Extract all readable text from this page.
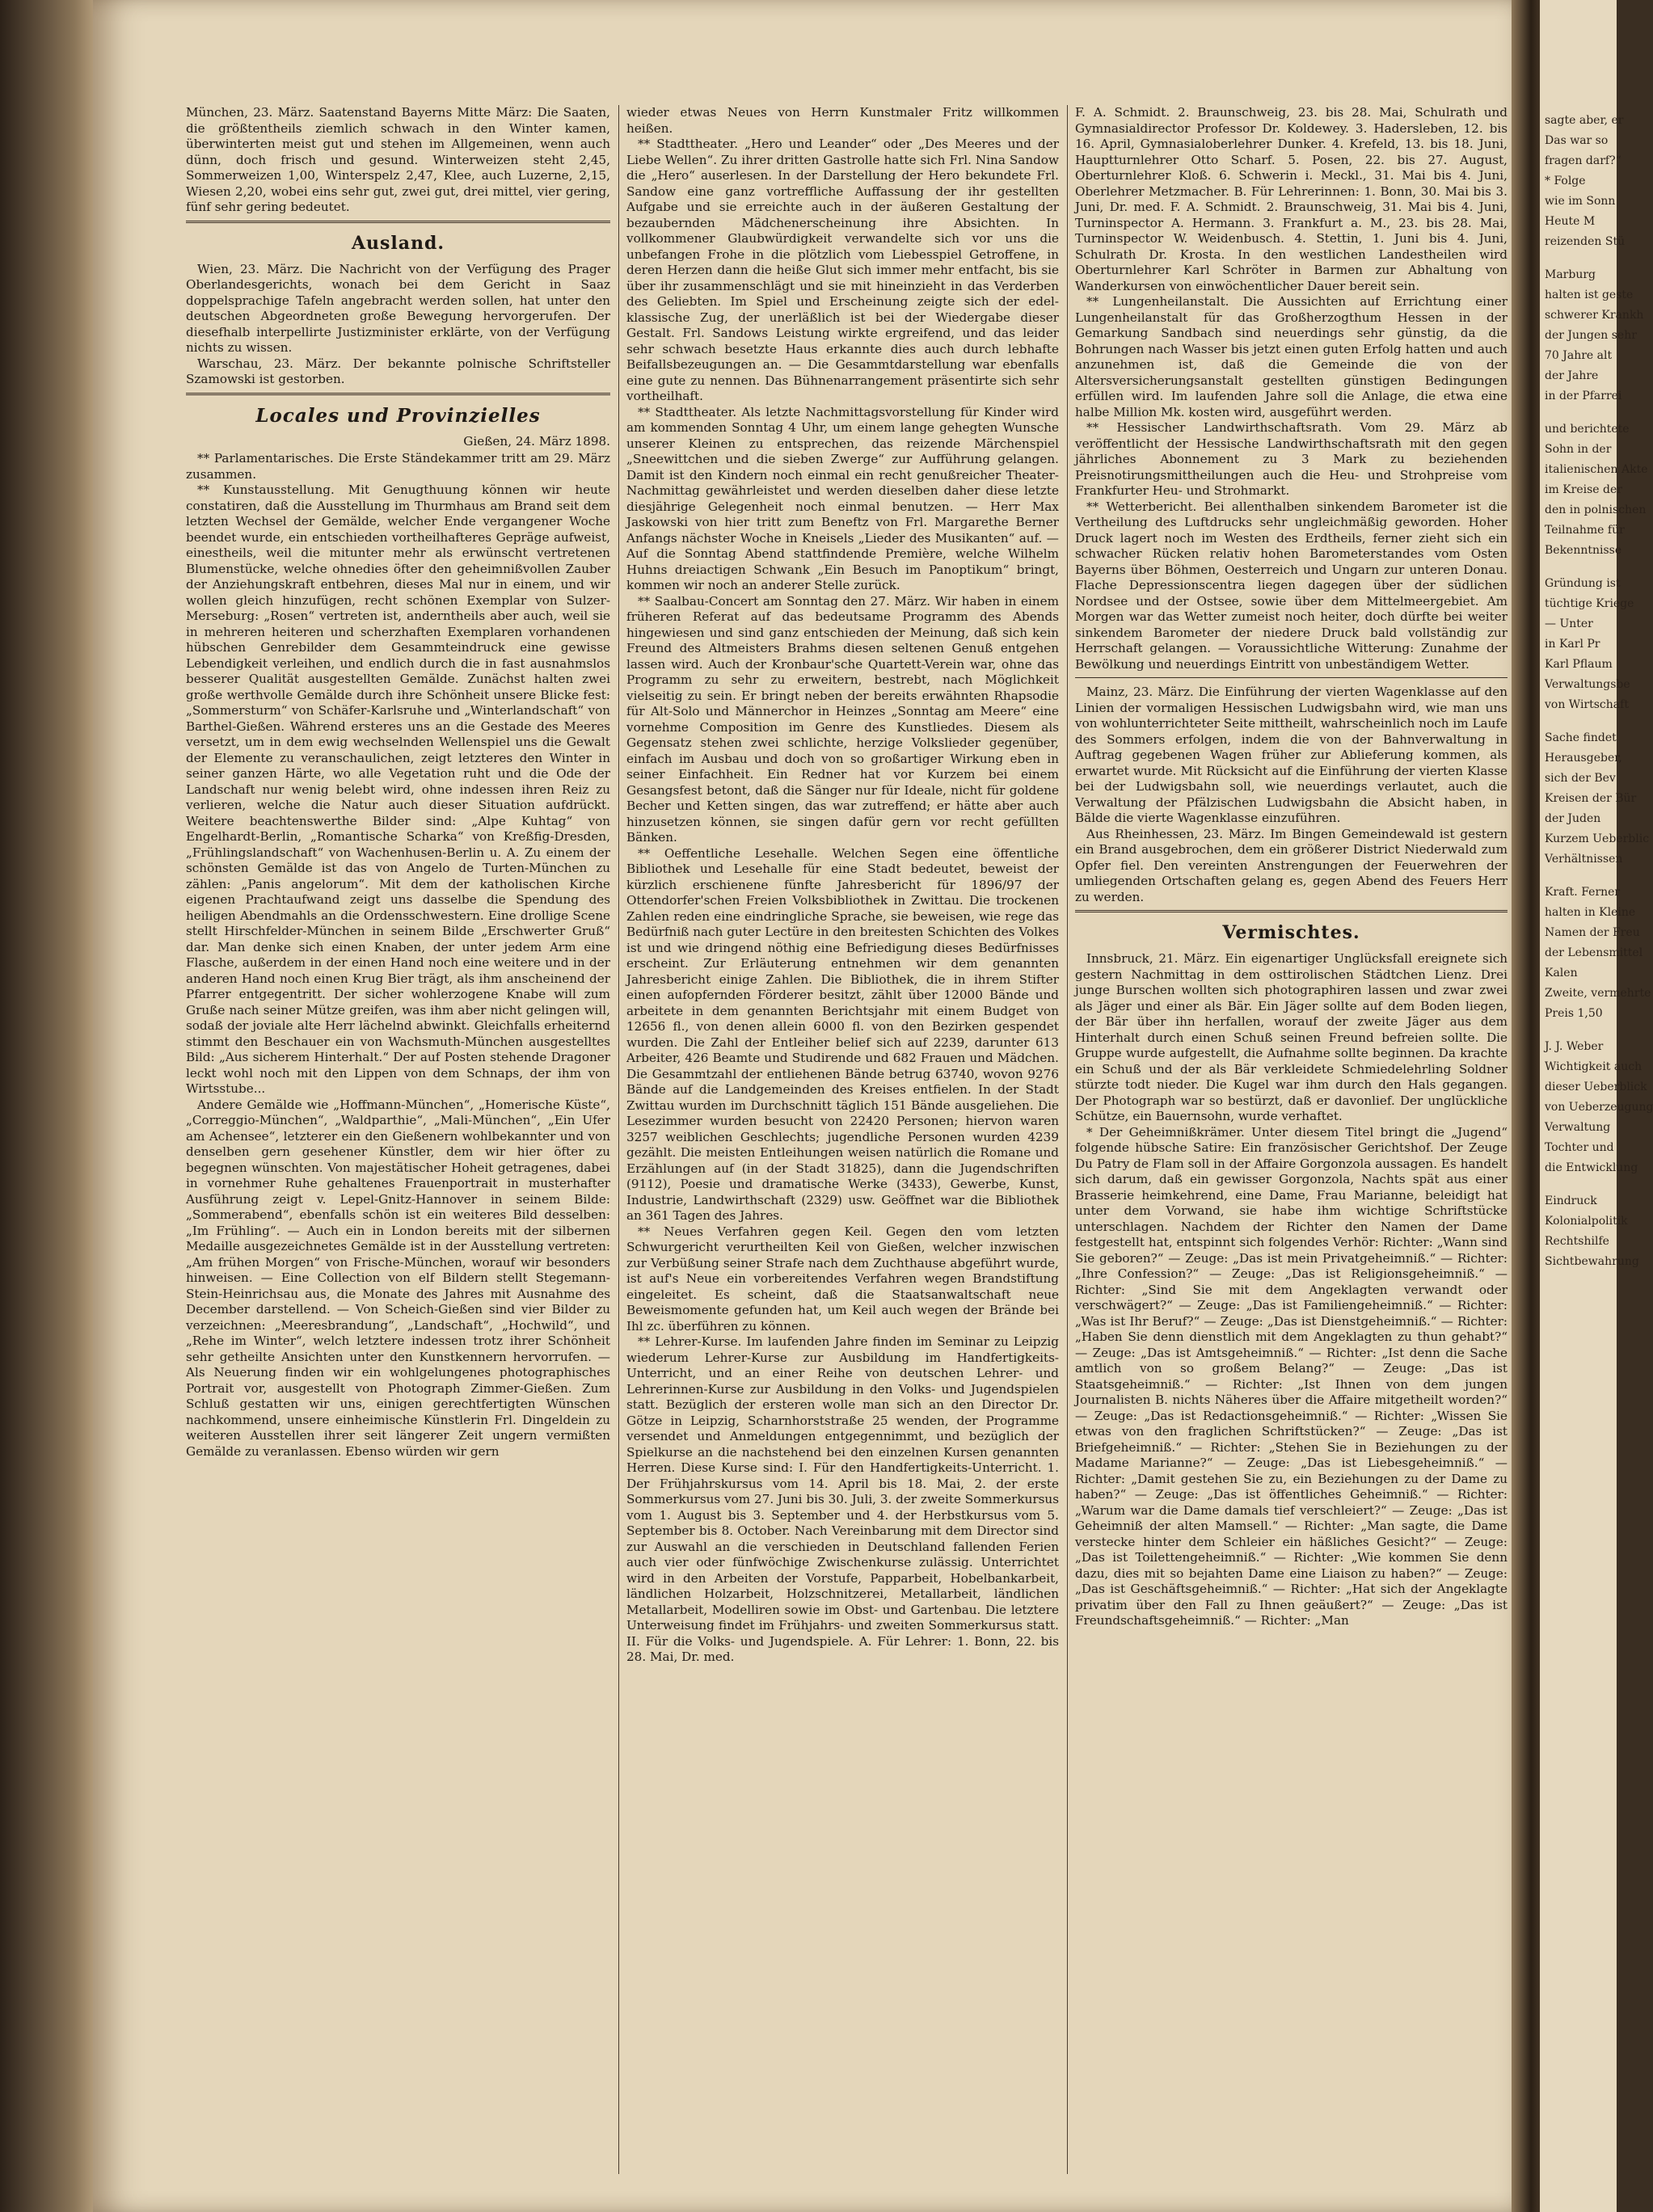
München, 23. März. Saatenstand Bayerns Mitte März: Die Saaten, die größtentheils ziemlich schwach in den Winter kamen, überwinterten meist gut und stehen im Allgemeinen, wenn auch dünn, doch frisch und gesund. Winterweizen steht 2,45, Sommerweizen 1,00, Winterspelz 2,47, Klee, auch Luzerne, 2,15, Wiesen 2,20, wobei eins sehr gut, zwei gut, drei mittel, vier gering, fünf sehr gering bedeutet.

Ausland.

Wien, 23. März. Die Nachricht von der Verfügung des Prager Oberlandesgerichts, wonach bei dem Gericht in Saaz doppelsprachige Tafeln angebracht werden sollen, hat unter den deutschen Abgeordneten große Bewegung hervorgerufen. Der diesefhalb interpellirte Justizminister erklärte, von der Verfügung nichts zu wissen.

Warschau, 23. März. Der bekannte polnische Schriftsteller Szamowski ist gestorben.

Locales und Provinzielles
Gießen, 24. März 1898.

** Parlamentarisches. Die Erste Ständekammer tritt am 29. März zusammen.

** Kunstausstellung. Mit Genugthuung können wir heute constatiren, daß die Ausstellung im Thurmhaus am Brand seit dem letzten Wechsel der Gemälde, welcher Ende vergangener Woche beendet wurde, ein entschieden vortheilhafteres Gepräge aufweist, einestheils, weil die mitunter mehr als erwünscht vertretenen Blumenstücke, welche ohnedies öfter den geheimnißvollen Zauber der Anziehungskraft entbehren, dieses Mal nur in einem, und wir wollen gleich hinzufügen, recht schönen Exemplar von Sulzer-Merseburg: „Rosen“ vertreten ist, anderntheils aber auch, weil sie in mehreren heiteren und scherzhaften Exemplaren vorhandenen hübschen Genrebilder dem Gesammteindruck eine gewisse Lebendigkeit verleihen, und endlich durch die in fast ausnahmslos besserer Qualität ausgestellten Gemälde. Zunächst halten zwei große werthvolle Gemälde durch ihre Schönheit unsere Blicke fest: „Sommersturm“ von Schäfer-Karlsruhe und „Winterlandschaft“ von Barthel-Gießen. Während ersteres uns an die Gestade des Meeres versetzt, um in dem ewig wechselnden Wellenspiel uns die Gewalt der Elemente zu veranschaulichen, zeigt letzteres den Winter in seiner ganzen Härte, wo alle Vegetation ruht und die Ode der Landschaft nur wenig belebt wird, ohne indessen ihren Reiz zu verlieren, welche die Natur auch dieser Situation aufdrückt. Weitere beachtenswerthe Bilder sind: „Alpe Kuhtag“ von Engelhardt-Berlin, „Romantische Scharka“ von Kreßfig-Dresden, „Frühlingslandschaft“ von Wachenhusen-Berlin u. A. Zu einem der schönsten Gemälde ist das von Angelo de Turten-München zu zählen: „Panis angelorum“. Mit dem der katholischen Kirche eigenen Prachtaufwand zeigt uns dasselbe die Spendung des heiligen Abendmahls an die Ordensschwestern. Eine drollige Scene stellt Hirschfelder-München in seinem Bilde „Erschwerter Gruß“ dar. Man denke sich einen Knaben, der unter jedem Arm eine Flasche, außerdem in der einen Hand noch eine weitere und in der anderen Hand noch einen Krug Bier trägt, als ihm anscheinend der Pfarrer entgegentritt. Der sicher wohlerzogene Knabe will zum Gruße nach seiner Mütze greifen, was ihm aber nicht gelingen will, sodaß der joviale alte Herr lächelnd abwinkt. Gleichfalls erheiternd stimmt den Beschauer ein von Wachsmuth-München ausgestelltes Bild: „Aus sicherem Hinterhalt.“ Der auf Posten stehende Dragoner leckt wohl noch mit den Lippen von dem Schnaps, der ihm von Wirtsstube...

Andere Gemälde wie „Hoffmann-München“, „Homerische Küste“, „Correggio-München“, „Waldparthie“, „Mali-München“, „Ein Ufer am Achensee“, letzterer ein den Gießenern wohlbekannter und von denselben gern gesehener Künstler, dem wir hier öfter zu begegnen wünschten. Von majestätischer Hoheit getragenes, dabei in vornehmer Ruhe gehaltenes Frauenportrait in musterhafter Ausführung zeigt v. Lepel-Gnitz-Hannover in seinem Bilde: „Sommerabend“, ebenfalls schön ist ein weiteres Bild desselben: „Im Frühling“. — Auch ein in London bereits mit der silbernen Medaille ausgezeichnetes Gemälde ist in der Ausstellung vertreten: „Am frühen Morgen“ von Frische-München, worauf wir besonders hinweisen. — Eine Collection von elf Bildern stellt Stegemann-Stein-Heinrichsau aus, die Monate des Jahres mit Ausnahme des December darstellend. — Von Scheich-Gießen sind vier Bilder zu verzeichnen: „Meeresbrandung“, „Landschaft“, „Hochwild“, und „Rehe im Winter“, welch letztere indessen trotz ihrer Schönheit sehr getheilte Ansichten unter den Kunstkennern hervorrufen. — Als Neuerung finden wir ein wohlgelungenes photographisches Portrait vor, ausgestellt von Photograph Zimmer-Gießen. Zum Schluß gestatten wir uns, einigen gerechtfertigten Wünschen nachkommend, unsere einheimische Künstlerin Frl. Dingeldein zu weiteren Ausstellen ihrer seit längerer Zeit ungern vermißten Gemälde zu veranlassen. Ebenso würden wir gern

wieder etwas Neues von Herrn Kunstmaler Fritz willkommen heißen.

** Stadttheater. „Hero und Leander“ oder „Des Meeres und der Liebe Wellen“. Zu ihrer dritten Gastrolle hatte sich Frl. Nina Sandow die „Hero“ auserlesen. In der Darstellung der Hero bekundete Frl. Sandow eine ganz vortreffliche Auffassung der ihr gestellten Aufgabe und sie erreichte auch in der äußeren Gestaltung der bezaubernden Mädchenerscheinung ihre Absichten. In vollkommener Glaubwürdigkeit verwandelte sich vor uns die unbefangen Frohe in die plötzlich vom Liebesspiel Getroffene, in deren Herzen dann die heiße Glut sich immer mehr entfacht, bis sie über ihr zusammenschlägt und sie mit hineinzieht in das Verderben des Geliebten. Im Spiel und Erscheinung zeigte sich der edel-klassische Zug, der unerläßlich ist bei der Wiedergabe dieser Gestalt. Frl. Sandows Leistung wirkte ergreifend, und das leider sehr schwach besetzte Haus erkannte dies auch durch lebhafte Beifallsbezeugungen an. — Die Gesammtdarstellung war ebenfalls eine gute zu nennen. Das Bühnenarrangement präsentirte sich sehr vortheilhaft.

** Stadttheater. Als letzte Nachmittagsvorstellung für Kinder wird am kommenden Sonntag 4 Uhr, um einem lange gehegten Wunsche unserer Kleinen zu entsprechen, das reizende Märchenspiel „Sneewittchen und die sieben Zwerge“ zur Aufführung gelangen. Damit ist den Kindern noch einmal ein recht genußreicher Theater-Nachmittag gewährleistet und werden dieselben daher diese letzte diesjährige Gelegenheit noch einmal benutzen. — Herr Max Jaskowski von hier tritt zum Beneftz von Frl. Margarethe Berner Anfangs nächster Woche in Kneisels „Lieder des Musikanten“ auf. — Auf die Sonntag Abend stattfindende Première, welche Wilhelm Huhns dreiactigen Schwank „Ein Besuch im Panoptikum“ bringt, kommen wir noch an anderer Stelle zurück.

** Saalbau-Concert am Sonntag den 27. März. Wir haben in einem früheren Referat auf das bedeutsame Programm des Abends hingewiesen und sind ganz entschieden der Meinung, daß sich kein Freund des Altmeisters Brahms diesen seltenen Genuß entgehen lassen wird. Auch der Kronbaur'sche Quartett-Verein war, ohne das Programm zu sehr zu erweitern, bestrebt, nach Möglichkeit vielseitig zu sein. Er bringt neben der bereits erwähnten Rhapsodie für Alt-Solo und Männerchor in Heinzes „Sonntag am Meere“ eine vornehme Composition im Genre des Kunstliedes. Diesem als Gegensatz stehen zwei schlichte, herzige Volkslieder gegenüber, einfach im Ausbau und doch von so großartiger Wirkung eben in seiner Einfachheit. Ein Redner hat vor Kurzem bei einem Gesangsfest betont, daß die Sänger nur für Ideale, nicht für goldene Becher und Ketten singen, das war zutreffend; er hätte aber auch hinzusetzen können, sie singen dafür gern vor recht gefüllten Bänken.

** Oeffentliche Lesehalle. Welchen Segen eine öffentliche Bibliothek und Lesehalle für eine Stadt bedeutet, beweist der kürzlich erschienene fünfte Jahresbericht für 1896/97 der Ottendorfer'schen Freien Volksbibliothek in Zwittau. Die trockenen Zahlen reden eine eindringliche Sprache, sie beweisen, wie rege das Bedürfniß nach guter Lectüre in den breitesten Schichten des Volkes ist und wie dringend nöthig eine Befriedigung dieses Bedürfnisses erscheint. Zur Erläuterung entnehmen wir dem genannten Jahresbericht einige Zahlen. Die Bibliothek, die in ihrem Stifter einen aufopfernden Förderer besitzt, zählt über 12000 Bände und arbeitete in dem genannten Berichtsjahr mit einem Budget von 12656 fl., von denen allein 6000 fl. von den Bezirken gespendet wurden. Die Zahl der Entleiher belief sich auf 2239, darunter 613 Arbeiter, 426 Beamte und Studirende und 682 Frauen und Mädchen. Die Gesammtzahl der entliehenen Bände betrug 63740, wovon 9276 Bände auf die Landgemeinden des Kreises entfielen. In der Stadt Zwittau wurden im Durchschnitt täglich 151 Bände ausgeliehen. Die Lesezimmer wurden besucht von 22420 Personen; hiervon waren 3257 weiblichen Geschlechts; jugendliche Personen wurden 4239 gezählt. Die meisten Entleihungen weisen natürlich die Romane und Erzählungen auf (in der Stadt 31825), dann die Jugendschriften (9112), Poesie und dramatische Werke (3433), Gewerbe, Kunst, Industrie, Landwirthschaft (2329) usw. Geöffnet war die Bibliothek an 361 Tagen des Jahres.

** Neues Verfahren gegen Keil. Gegen den vom letzten Schwurgericht verurtheilten Keil von Gießen, welcher inzwischen zur Verbüßung seiner Strafe nach dem Zuchthause abgeführt wurde, ist auf's Neue ein vorbereitendes Verfahren wegen Brandstiftung eingeleitet. Es scheint, daß die Staatsanwaltschaft neue Beweismomente gefunden hat, um Keil auch wegen der Brände bei Ihl zc. überführen zu können.

** Lehrer-Kurse. Im laufenden Jahre finden im Seminar zu Leipzig wiederum Lehrer-Kurse zur Ausbildung im Handfertigkeits-Unterricht, und an einer Reihe von deutschen Lehrer- und Lehrerinnen-Kurse zur Ausbildung in den Volks- und Jugendspielen statt. Bezüglich der ersteren wolle man sich an den Director Dr. Götze in Leipzig, Scharnhorststraße 25 wenden, der Programme versendet und Anmeldungen entgegennimmt, und bezüglich der Spielkurse an die nachstehend bei den einzelnen Kursen genannten Herren. Diese Kurse sind: I. Für den Handfertigkeits-Unterricht. 1. Der Frühjahrskursus vom 14. April bis 18. Mai, 2. der erste Sommerkursus vom 27. Juni bis 30. Juli, 3. der zweite Sommerkursus vom 1. August bis 3. September und 4. der Herbstkursus vom 5. September bis 8. October. Nach Vereinbarung mit dem Director sind zur Auswahl an die verschieden in Deutschland fallenden Ferien auch vier oder fünfwöchige Zwischenkurse zulässig. Unterrichtet wird in den Arbeiten der Vorstufe, Papparbeit, Hobelbankarbeit, ländlichen Holzarbeit, Holzschnitzerei, Metallarbeit, ländlichen Metallarbeit, Modelliren sowie im Obst- und Gartenbau. Die letztere Unterweisung findet im Frühjahrs- und zweiten Sommerkursus statt. II. Für die Volks- und Jugendspiele. A. Für Lehrer: 1. Bonn, 22. bis 28. Mai, Dr. med.

F. A. Schmidt. 2. Braunschweig, 23. bis 28. Mai, Schulrath und Gymnasialdirector Professor Dr. Koldewey. 3. Hadersleben, 12. bis 16. April, Gymnasialoberlehrer Dunker. 4. Krefeld, 13. bis 18. Juni, Hauptturnlehrer Otto Scharf. 5. Posen, 22. bis 27. August, Oberturnlehrer Kloß. 6. Schwerin i. Meckl., 31. Mai bis 4. Juni, Oberlehrer Metzmacher. B. Für Lehrerinnen: 1. Bonn, 30. Mai bis 3. Juni, Dr. med. F. A. Schmidt. 2. Braunschweig, 31. Mai bis 4. Juni, Turninspector A. Hermann. 3. Frankfurt a. M., 23. bis 28. Mai, Turninspector W. Weidenbusch. 4. Stettin, 1. Juni bis 4. Juni, Schulrath Dr. Krosta. In den westlichen Landestheilen wird Oberturnlehrer Karl Schröter in Barmen zur Abhaltung von Wanderkursen von einwöchentlicher Dauer bereit sein.

** Lungenheilanstalt. Die Aussichten auf Errichtung einer Lungenheilanstalt für das Großherzogthum Hessen in der Gemarkung Sandbach sind neuerdings sehr günstig, da die Bohrungen nach Wasser bis jetzt einen guten Erfolg hatten und auch anzunehmen ist, daß die Gemeinde die von der Altersversicherungsanstalt gestellten günstigen Bedingungen erfüllen wird. Im laufenden Jahre soll die Anlage, die etwa eine halbe Million Mk. kosten wird, ausgeführt werden.

** Hessischer Landwirthschaftsrath. Vom 29. März ab veröffentlicht der Hessische Landwirthschaftsrath mit den gegen jährliches Abonnement zu 3 Mark zu beziehenden Preisnotirungsmittheilungen auch die Heu- und Strohpreise vom Frankfurter Heu- und Strohmarkt.

** Wetterbericht. Bei allenthalben sinkendem Barometer ist die Vertheilung des Luftdrucks sehr ungleichmäßig geworden. Hoher Druck lagert noch im Westen des Erdtheils, ferner zieht sich ein schwacher Rücken relativ hohen Barometerstandes vom Osten Bayerns über Böhmen, Oesterreich und Ungarn zur unteren Donau. Flache Depressionscentra liegen dagegen über der südlichen Nordsee und der Ostsee, sowie über dem Mittelmeergebiet. Am Morgen war das Wetter zumeist noch heiter, doch dürfte bei weiter sinkendem Barometer der niedere Druck bald vollständig zur Herrschaft gelangen. — Voraussichtliche Witterung: Zunahme der Bewölkung und neuerdings Eintritt von unbeständigem Wetter.

Mainz, 23. März. Die Einführung der vierten Wagenklasse auf den Linien der vormaligen Hessischen Ludwigsbahn wird, wie man uns von wohlunterrichteter Seite mittheilt, wahrscheinlich noch im Laufe des Sommers erfolgen, indem die von der Bahnverwaltung in Auftrag gegebenen Wagen früher zur Ablieferung kommen, als erwartet wurde. Mit Rücksicht auf die Einführung der vierten Klasse bei der Ludwigsbahn soll, wie neuerdings verlautet, auch die Verwaltung der Pfälzischen Ludwigsbahn die Absicht haben, in Bälde die vierte Wagenklasse einzuführen.

Aus Rheinhessen, 23. März. Im Bingen Gemeindewald ist gestern ein Brand ausgebrochen, dem ein größerer District Niederwald zum Opfer fiel. Den vereinten Anstrengungen der Feuerwehren der umliegenden Ortschaften gelang es, gegen Abend des Feuers Herr zu werden.

Vermischtes.

Innsbruck, 21. März. Ein eigenartiger Unglücksfall ereignete sich gestern Nachmittag in dem osttirolischen Städtchen Lienz. Drei junge Burschen wollten sich photographiren lassen und zwar zwei als Jäger und einer als Bär. Ein Jäger sollte auf dem Boden liegen, der Bär über ihn herfallen, worauf der zweite Jäger aus dem Hinterhalt durch einen Schuß seinen Freund befreien sollte. Die Gruppe wurde aufgestellt, die Aufnahme sollte beginnen. Da krachte ein Schuß und der als Bär verkleidete Schmiedelehrling Soldner stürzte todt nieder. Die Kugel war ihm durch den Hals gegangen. Der Photograph war so bestürzt, daß er davonlief. Der unglückliche Schütze, ein Bauernsohn, wurde verhaftet.

* Der Geheimnißkrämer. Unter diesem Titel bringt die „Jugend“ folgende hübsche Satire: Ein französischer Gerichtshof. Der Zeuge Du Patry de Flam soll in der Affaire Gorgonzola aussagen. Es handelt sich darum, daß ein gewisser Gorgonzola, Nachts spät aus einer Brasserie heimkehrend, eine Dame, Frau Marianne, beleidigt hat unter dem Vorwand, sie habe ihm wichtige Schriftstücke unterschlagen. Nachdem der Richter den Namen der Dame festgestellt hat, entspinnt sich folgendes Verhör: Richter: „Wann sind Sie geboren?“ — Zeuge: „Das ist mein Privatgeheimniß.“ — Richter: „Ihre Confession?“ — Zeuge: „Das ist Religionsgeheimniß.“ — Richter: „Sind Sie mit dem Angeklagten verwandt oder verschwägert?“ — Zeuge: „Das ist Familiengeheimniß.“ — Richter: „Was ist Ihr Beruf?“ — Zeuge: „Das ist Dienstgeheimniß.“ — Richter: „Haben Sie denn dienstlich mit dem Angeklagten zu thun gehabt?“ — Zeuge: „Das ist Amtsgeheimniß.“ — Richter: „Ist denn die Sache amtlich von so großem Belang?“ — Zeuge: „Das ist Staatsgeheimniß.“ — Richter: „Ist Ihnen von dem jungen Journalisten B. nichts Näheres über die Affaire mitgetheilt worden?“ — Zeuge: „Das ist Redactionsgeheimniß.“ — Richter: „Wissen Sie etwas von den fraglichen Schriftstücken?“ — Zeuge: „Das ist Briefgeheimniß.“ — Richter: „Stehen Sie in Beziehungen zu der Madame Marianne?“ — Zeuge: „Das ist Liebesgeheimniß.“ — Richter: „Damit gestehen Sie zu, ein Beziehungen zu der Dame zu haben?“ — Zeuge: „Das ist öffentliches Geheimniß.“ — Richter: „Warum war die Dame damals tief verschleiert?“ — Zeuge: „Das ist Geheimniß der alten Mamsell.“ — Richter: „Man sagte, die Dame verstecke hinter dem Schleier ein häßliches Gesicht?“ — Zeuge: „Das ist Toilettengeheimniß.“ — Richter: „Wie kommen Sie denn dazu, dies mit so bejahten Dame eine Liaison zu haben?“ — Zeuge: „Das ist Geschäftsgeheimniß.“ — Richter: „Hat sich der Angeklagte privatim über den Fall zu Ihnen geäußert?“ — Zeuge: „Das ist Freundschaftsgeheimniß.“ — Richter: „Man

sagte aber, er
Das war so
fragen darf?“
* Folge
wie im Sonn
Heute M
reizenden Stü
Marburg
halten ist geste
schwerer Krankh
der Jungen sehr
70 Jahre alt
der Jahre
in der Pfarrei
und berichtete
Sohn in der
italienischen Akte
im Kreise der
den in polnischen
Teilnahme für
Bekenntnisse
Gründung ist
tüchtige Kriege
— Unter
in Karl Pr
Karl Pflaum
Verwaltungsbe
von Wirtschaft
Sache findet
Herausgeber,
sich der Bev
Kreisen der Bür
der Juden
Kurzem Ueberblic
Verhältnissen
Kraft. Ferner
halten in Kleine
Namen der Freu
der Lebensmittel
Kalen
Zweite, vermehrte
Preis 1,50
J. J. Weber
Wichtigkeit auch
dieser Ueberblick
von Ueberzeugung
Verwaltung
Tochter und
die Entwicklung
Eindruck
Kolonialpolitik
Rechtshilfe
Sichtbewahrung
